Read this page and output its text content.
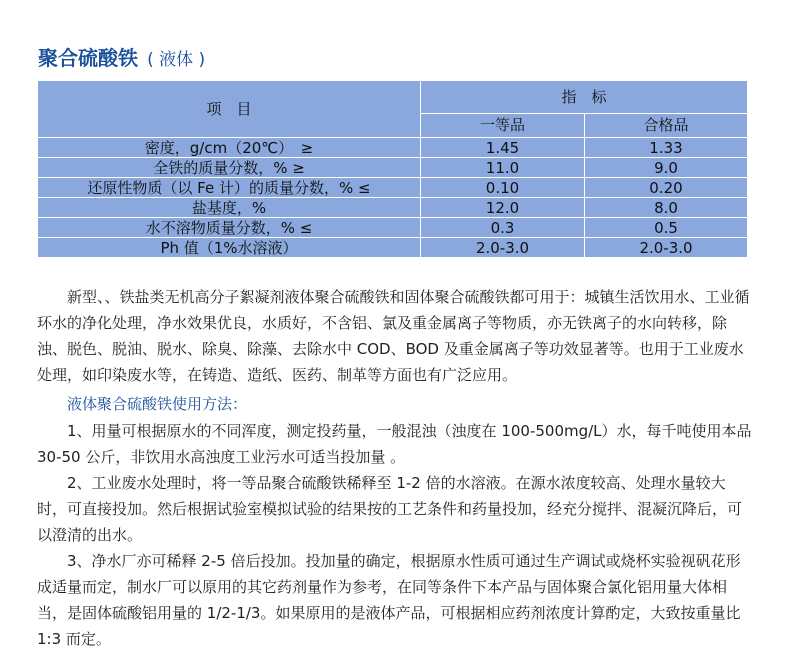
聚合硫酸铁 ( 液体 )
项　目	指　标	
	一等品	合格品
密度，g/cm（20℃）　≥	1.45	1.33
全铁的质量分数，% ≥	11.0	9.0
还原性物质（以 Fe 计）的质量分数，% ≤	0.10	0.20
盐基度，%	12.0	8.0
水不溶物质量分数，% ≤	0.3	0.5
Ph 值（1%水溶液）	2.0-3.0	2.0-3.0

新型、、铁盐类无机高分子絮凝剂液体聚合硫酸铁和固体聚合硫酸铁都可用于：城镇生活饮用水、工业循环水的净化处理，净水效果优良，水质好，不含铝、氯及重金属离子等物质，亦无铁离子的水向转移，除浊、脱色、脱油、脱水、除臭、除藻、去除水中 COD、BOD 及重金属离子等功效显著等。也用于工业废水处理，如印染废水等，在铸造、造纸、医药、制革等方面也有广泛应用。

液体聚合硫酸铁使用方法：

1、用量可根据原水的不同浑度，测定投药量，一般混浊（浊度在 100-500mg/L）水，每千吨使用本品 30-50 公斤，非饮用水高浊度工业污水可适当投加量 。

2、工业废水处理时，将一等品聚合硫酸铁稀释至 1-2 倍的水溶液。在源水浓度较高、处理水量较大时，可直接投加。然后根据试验室模拟试验的结果按的工艺条件和药量投加，经充分搅拌、混凝沉降后，可以澄清的出水。

3、净水厂亦可稀释 2-5 倍后投加。投加量的确定，根据原水性质可通过生产调试或烧杯实验视矾花形成适量而定，制水厂可以原用的其它药剂量作为参考，在同等条件下本产品与固体聚合氯化铝用量大体相当，是固体硫酸铝用量的 1/2-1/3。如果原用的是液体产品，可根据相应药剂浓度计算酌定，大致按重量比 1:3 而定。
